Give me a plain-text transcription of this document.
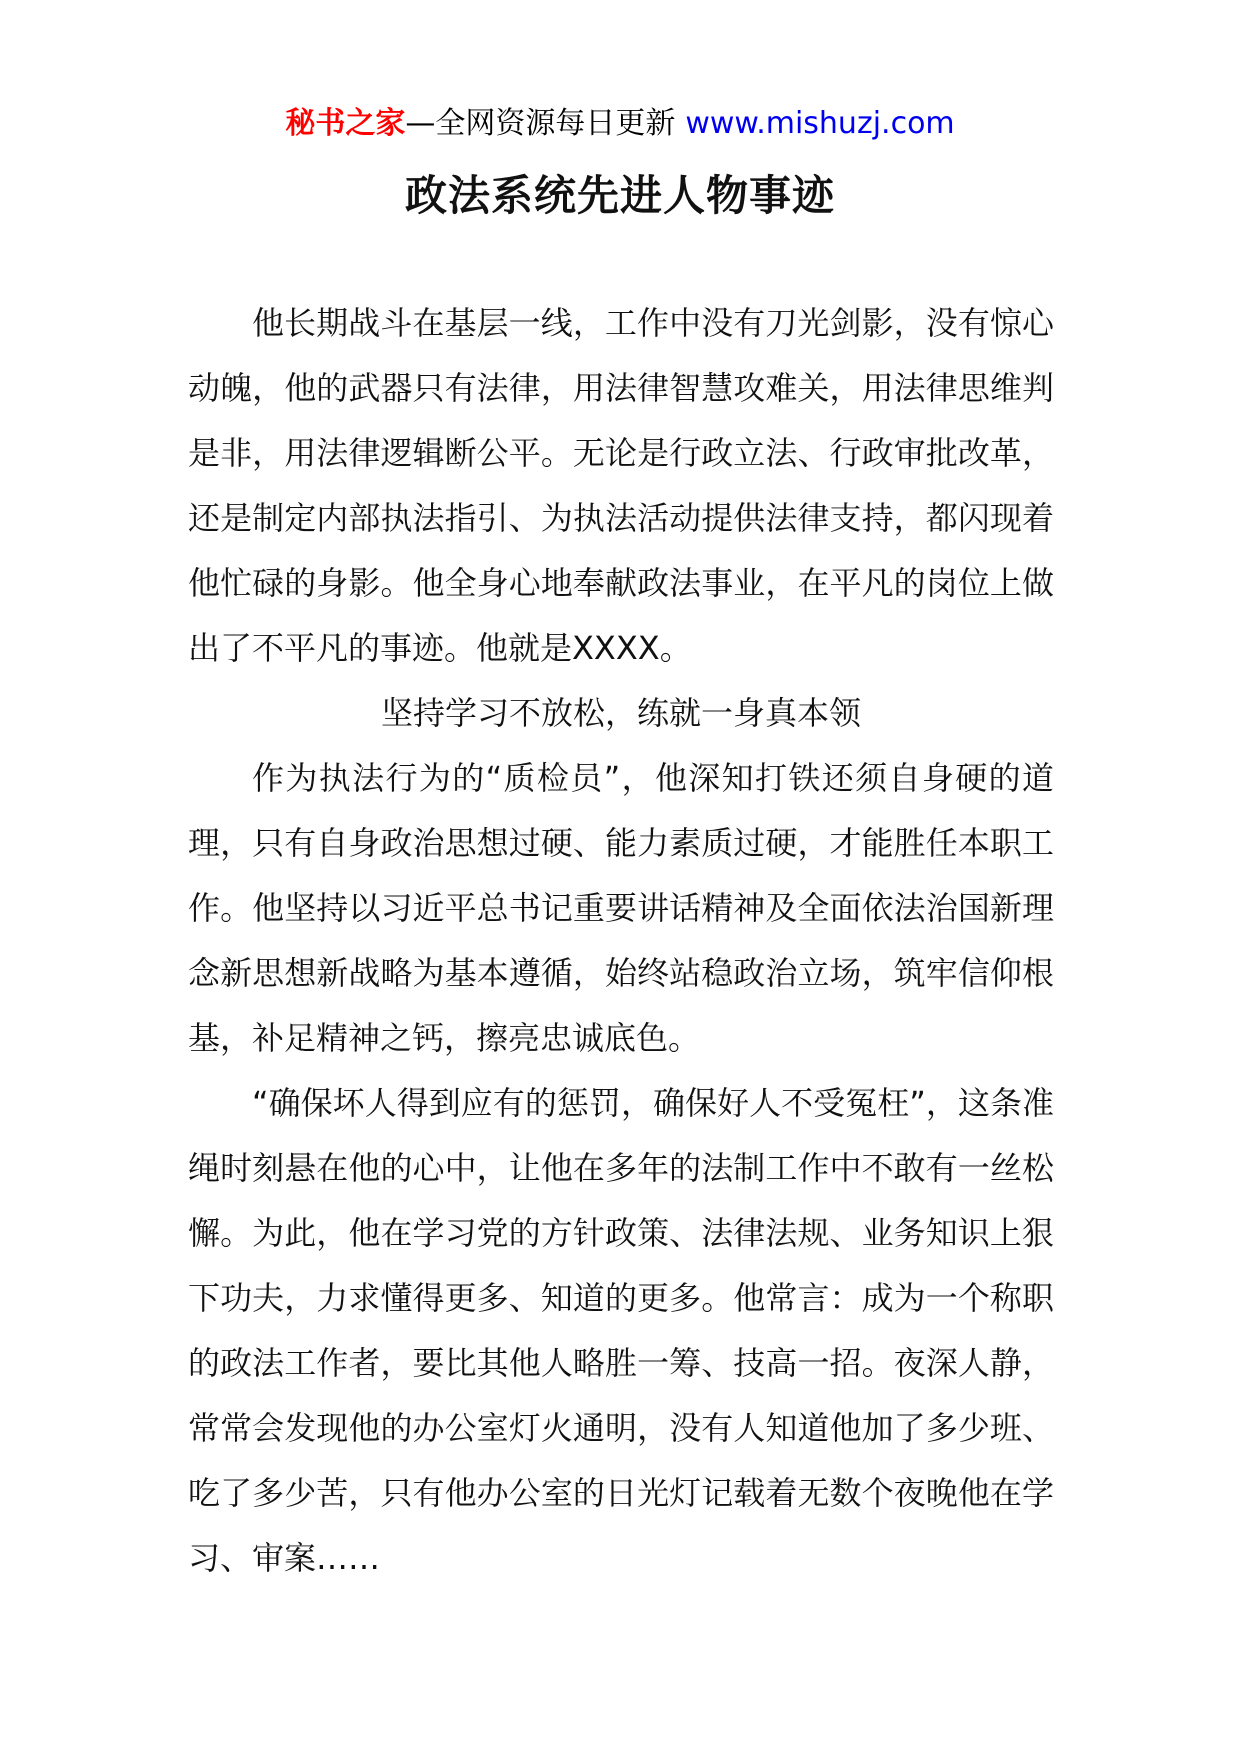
秘书之家—全网资源每日更新 www.mishuzj.com
政法系统先进人物事迹

他长期战斗在基层一线，工作中没有刀光剑影，没有惊心动魄，他的武器只有法律，用法律智慧攻难关，用法律思维判是非，用法律逻辑断公平。无论是行政立法、行政审批改革，还是制定内部执法指引、为执法活动提供法律支持，都闪现着他忙碌的身影。他全身心地奉献政法事业，在平凡的岗位上做出了不平凡的事迹。他就是XXXX。

坚持学习不放松，练就一身真本领

作为执法行为的“质检员”，他深知打铁还须自身硬的道理，只有自身政治思想过硬、能力素质过硬，才能胜任本职工作。他坚持以习近平总书记重要讲话精神及全面依法治国新理念新思想新战略为基本遵循，始终站稳政治立场，筑牢信仰根基，补足精神之钙，擦亮忠诚底色。

“确保坏人得到应有的惩罚，确保好人不受冤枉”，这条准绳时刻悬在他的心中，让他在多年的法制工作中不敢有一丝松懈。为此，他在学习党的方针政策、法律法规、业务知识上狠下功夫，力求懂得更多、知道的更多。他常言：成为一个称职的政法工作者，要比其他人略胜一筹、技高一招。夜深人静，常常会发现他的办公室灯火通明，没有人知道他加了多少班、吃了多少苦，只有他办公室的日光灯记载着无数个夜晚他在学习、审案……
